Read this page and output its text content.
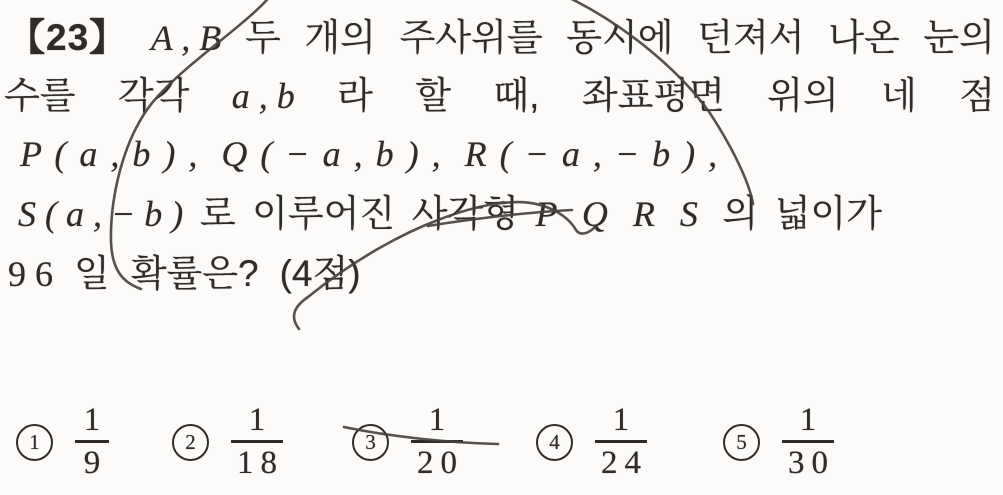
【23】 A , B 두 개의 주사위를 동시에 던져서 나온 눈의
수를 각각 a , b 라 할 때, 좌표평면 위의 네 점
P ( a , b ) ,  Q ( − a , b ) ,  R ( − a , − b ) ,
S ( a , − b ) 로 이루어진 사각형 P Q R S 의 넓이가
9 6 일 확률은? (4점)
1	$\frac{1}{9}$	2	$\frac{1}{18}$	3	$\frac{1}{20}$	4	$\frac{1}{24}$	5	$\frac{1}{30}$
